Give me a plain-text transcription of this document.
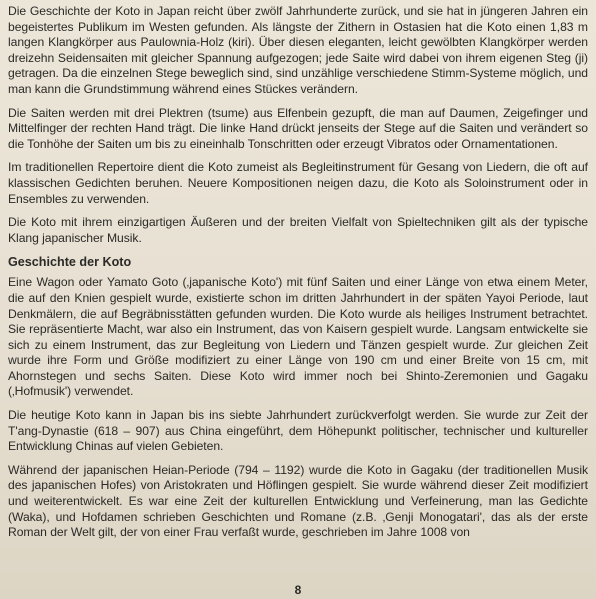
Die Geschichte der Koto in Japan reicht über zwölf Jahrhunderte zurück, und sie hat in jüngeren Jahren ein begeistertes Publikum im Westen gefunden. Als längste der Zithern in Ostasien hat die Koto einen 1,83 m langen Klangkörper aus Paulownia-Holz (kiri). Über diesen eleganten, leicht gewölbten Klangkörper werden dreizehn Seidensaiten mit gleicher Spannung aufgezogen; jede Saite wird dabei von ihrem eigenen Steg (ji) getragen. Da die einzelnen Stege beweglich sind, sind unzählige verschiedene Stimm-Systeme möglich, und man kann die Grundstimmung während eines Stückes verändern.

Die Saiten werden mit drei Plektren (tsume) aus Elfenbein gezupft, die man auf Daumen, Zeigefinger und Mittelfinger der rechten Hand trägt. Die linke Hand drückt jenseits der Stege auf die Saiten und verändert so die Tonhöhe der Saiten um bis zu eineinhalb Tonschritten oder erzeugt Vibratos oder Ornamentationen.

Im traditionellen Repertoire dient die Koto zumeist als Begleitinstrument für Gesang von Liedern, die oft auf klassischen Gedichten beruhen. Neuere Kompositionen neigen dazu, die Koto als Soloinstrument oder in Ensembles zu verwenden.

Die Koto mit ihrem einzigartigen Äußeren und der breiten Vielfalt von Spieltechniken gilt als der typische Klang japanischer Musik.

Geschichte der Koto

Eine Wagon oder Yamato Goto (‚japanische Koto') mit fünf Saiten und einer Länge von etwa einem Meter, die auf den Knien gespielt wurde, existierte schon im dritten Jahrhundert in der späten Yayoi Periode, laut Denkmälern, die auf Begräbnisstätten gefunden wurden. Die Koto wurde als heiliges Instrument betrachtet. Sie repräsentierte Macht, war also ein Instrument, das von Kaisern gespielt wurde. Langsam entwickelte sie sich zu einem Instrument, das zur Begleitung von Liedern und Tänzen gespielt wurde. Zur gleichen Zeit wurde ihre Form und Größe modifiziert zu einer Länge von 190 cm und einer Breite von 15 cm, mit Ahornstegen und sechs Saiten. Diese Koto wird immer noch bei Shinto-Zeremonien und Gagaku (‚Hofmusik') verwendet.

Die heutige Koto kann in Japan bis ins siebte Jahrhundert zurückverfolgt werden. Sie wurde zur Zeit der T'ang-Dynastie (618 – 907) aus China eingeführt, dem Höhepunkt politischer, technischer und kultureller Entwicklung Chinas auf vielen Gebieten.

Während der japanischen Heian-Periode (794 – 1192) wurde die Koto in Gagaku (der traditionellen Musik des japanischen Hofes) von Aristokraten und Höflingen gespielt. Sie wurde während dieser Zeit modifiziert und weiterentwickelt. Es war eine Zeit der kulturellen Entwicklung und Verfeinerung, man las Gedichte (Waka), und Hofdamen schrieben Geschichten und Romane (z.B. ‚Genji Monogatari', das als der erste Roman der Welt gilt, der von einer Frau verfaßt wurde, geschrieben im Jahre 1008 von

8
